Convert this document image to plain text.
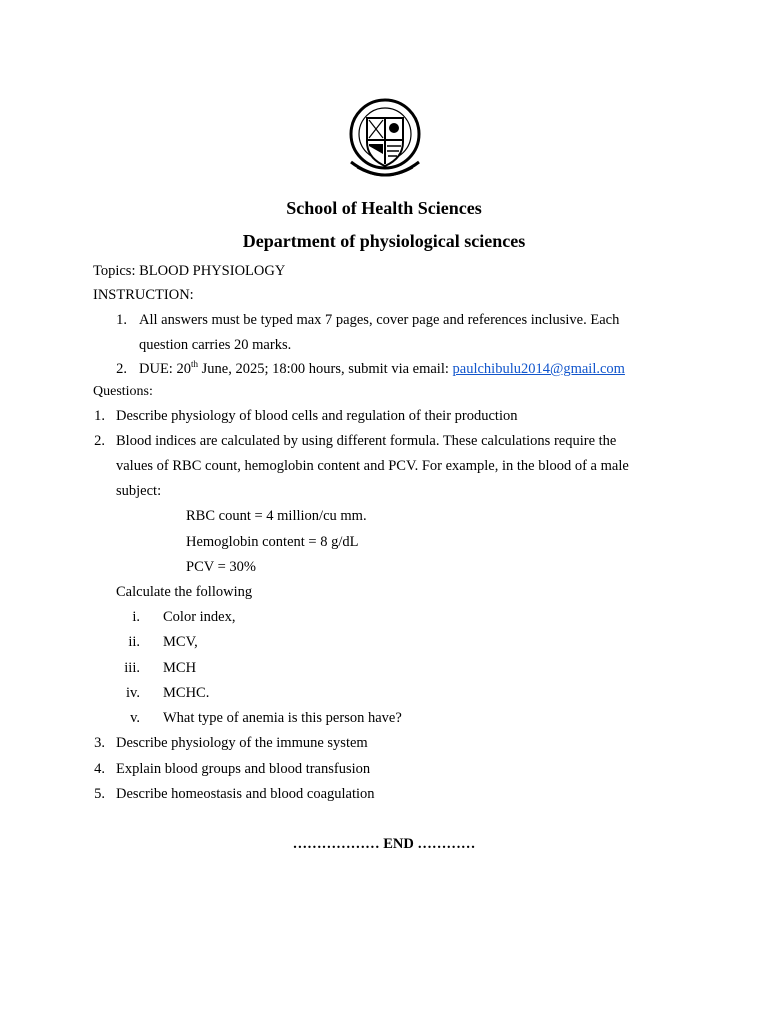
School of Health Sciences
Department of physiological sciences
Topics: BLOOD PHYSIOLOGY
INSTRUCTION:
1. All answers must be typed max 7 pages, cover page and references inclusive. Each
question carries 20 marks.
2. DUE: 20th June, 2025; 18:00 hours, submit via email: paulchibulu2014@gmail.com
Questions:
1. Describe physiology of blood cells and regulation of their production
2. Blood indices are calculated by using different formula. These calculations require the
values of RBC count, hemoglobin content and PCV. For example, in the blood of a male
subject:
RBC count = 4 million/cu mm.
Hemoglobin content = 8 g/dL
PCV = 30%
Calculate the following
i. Color index,
ii. MCV,
iii. MCH
iv. MCHC.
v. What type of anemia is this person have?
3. Describe physiology of the immune system
4. Explain blood groups and blood transfusion
5. Describe homeostasis and blood coagulation
……………… END …………
